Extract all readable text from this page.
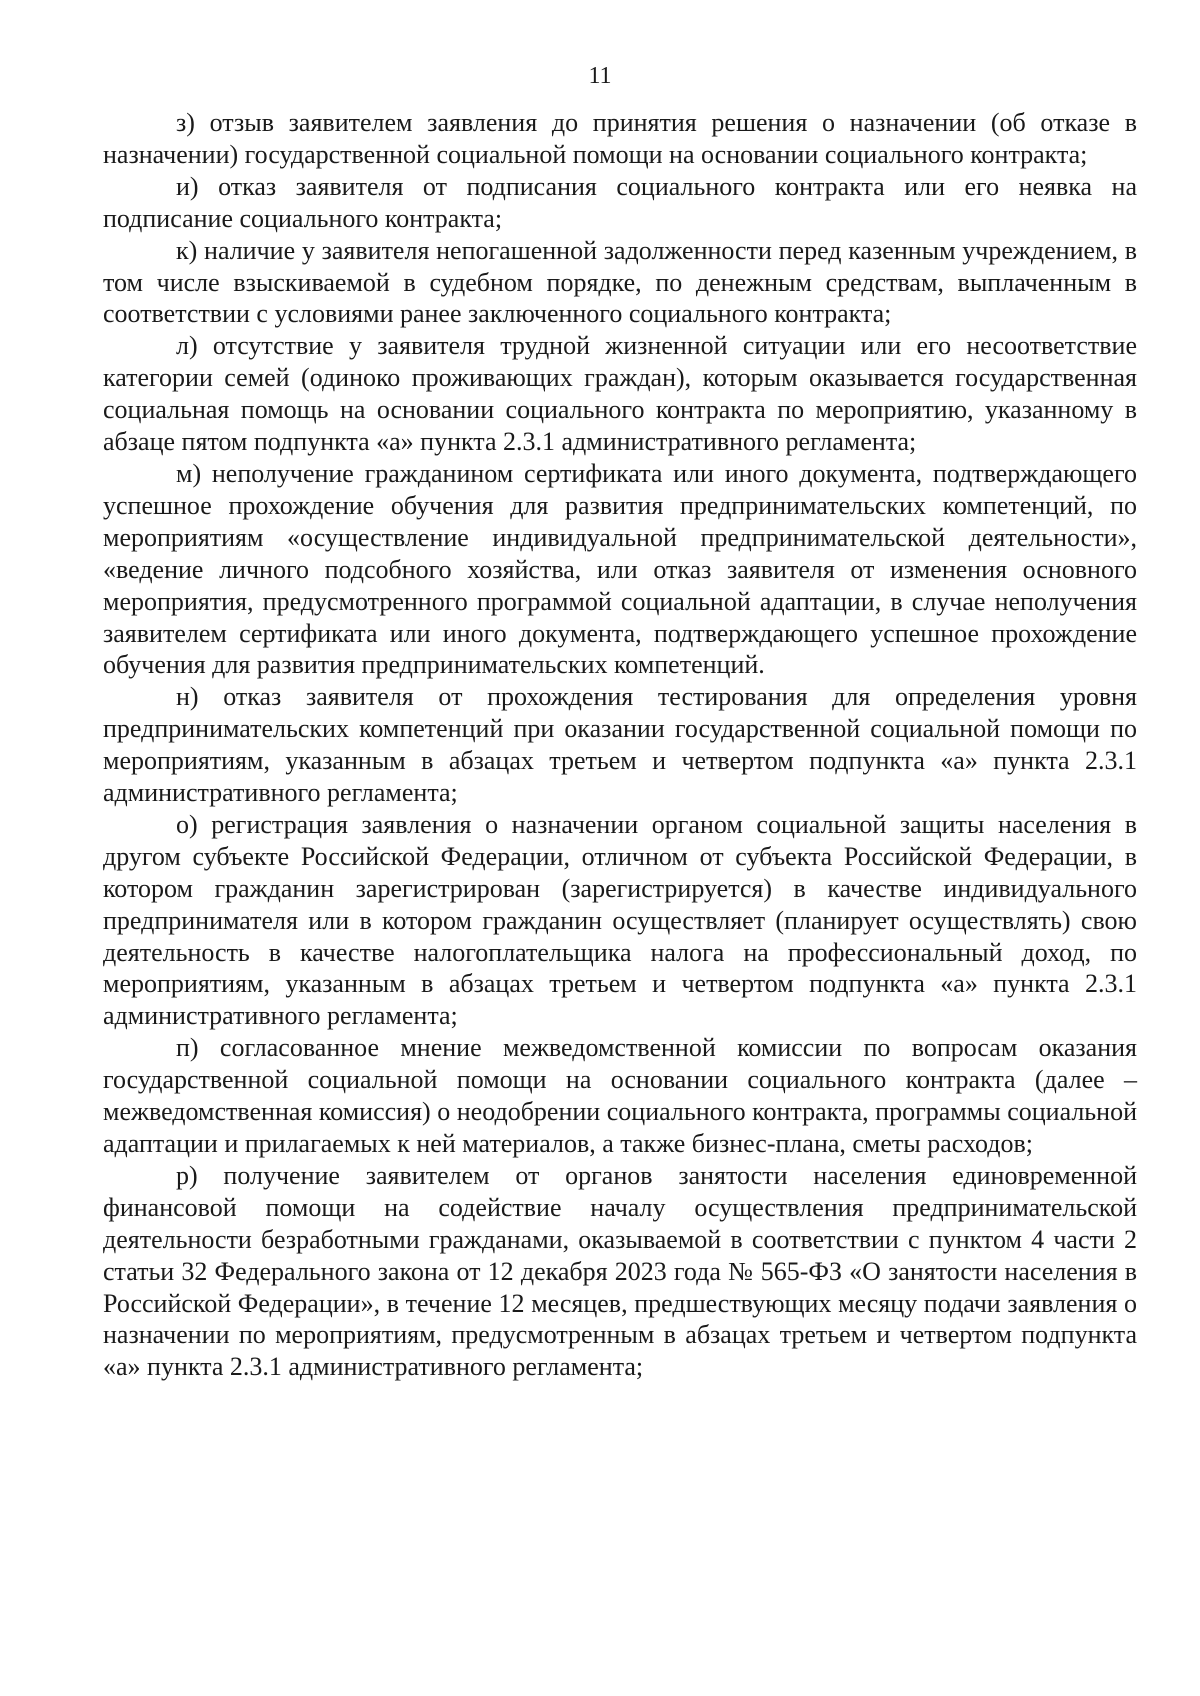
11

з) отзыв заявителем заявления до принятия решения о назначении (об отказе в назначении) государственной социальной помощи на основании социального контракта;

и) отказ заявителя от подписания социального контракта или его неявка на подписание социального контракта;

к) наличие у заявителя непогашенной задолженности перед казенным учреждением, в том числе взыскиваемой в судебном порядке, по денежным средствам, выплаченным в соответствии с условиями ранее заключенного социального контракта;

л) отсутствие у заявителя трудной жизненной ситуации или его несоответствие категории семей (одиноко проживающих граждан), которым оказывается государственная социальная помощь на основании социального контракта по мероприятию, указанному в абзаце пятом подпункта «а» пункта 2.3.1 административного регламента;

м) неполучение гражданином сертификата или иного документа, подтверждающего успешное прохождение обучения для развития предпринимательских компетенций, по мероприятиям «осуществление индивидуальной предпринимательской деятельности», «ведение личного подсобного хозяйства, или отказ заявителя от изменения основного мероприятия, предусмотренного программой социальной адаптации, в случае неполучения заявителем сертификата или иного документа, подтверждающего успешное прохождение обучения для развития предпринимательских компетенций.

н) отказ заявителя от прохождения тестирования для определения уровня предпринимательских компетенций при оказании государственной социальной помощи по мероприятиям, указанным в абзацах третьем и четвертом подпункта «а» пункта 2.3.1 административного регламента;

о) регистрация заявления о назначении органом социальной защиты населения в другом субъекте Российской Федерации, отличном от субъекта Российской Федерации, в котором гражданин зарегистрирован (зарегистрируется) в качестве индивидуального предпринимателя или в котором гражданин осуществляет (планирует осуществлять) свою деятельность в качестве налогоплательщика налога на профессиональный доход, по мероприятиям, указанным в абзацах третьем и четвертом подпункта «а» пункта 2.3.1 административного регламента;

п) согласованное мнение межведомственной комиссии по вопросам оказания государственной социальной помощи на основании социального контракта (далее – межведомственная комиссия) о неодобрении социального контракта, программы социальной адаптации и прилагаемых к ней материалов, а также бизнес-плана, сметы расходов;

р) получение заявителем от органов занятости населения единовременной финансовой помощи на содействие началу осуществления предпринимательской деятельности безработными гражданами, оказываемой в соответствии с пунктом 4 части 2 статьи 32 Федерального закона от 12 декабря 2023 года № 565-ФЗ «О занятости населения в Российской Федерации», в течение 12 месяцев, предшествующих месяцу подачи заявления о назначении по мероприятиям, предусмотренным в абзацах третьем и четвертом подпункта «а» пункта 2.3.1 административного регламента;
